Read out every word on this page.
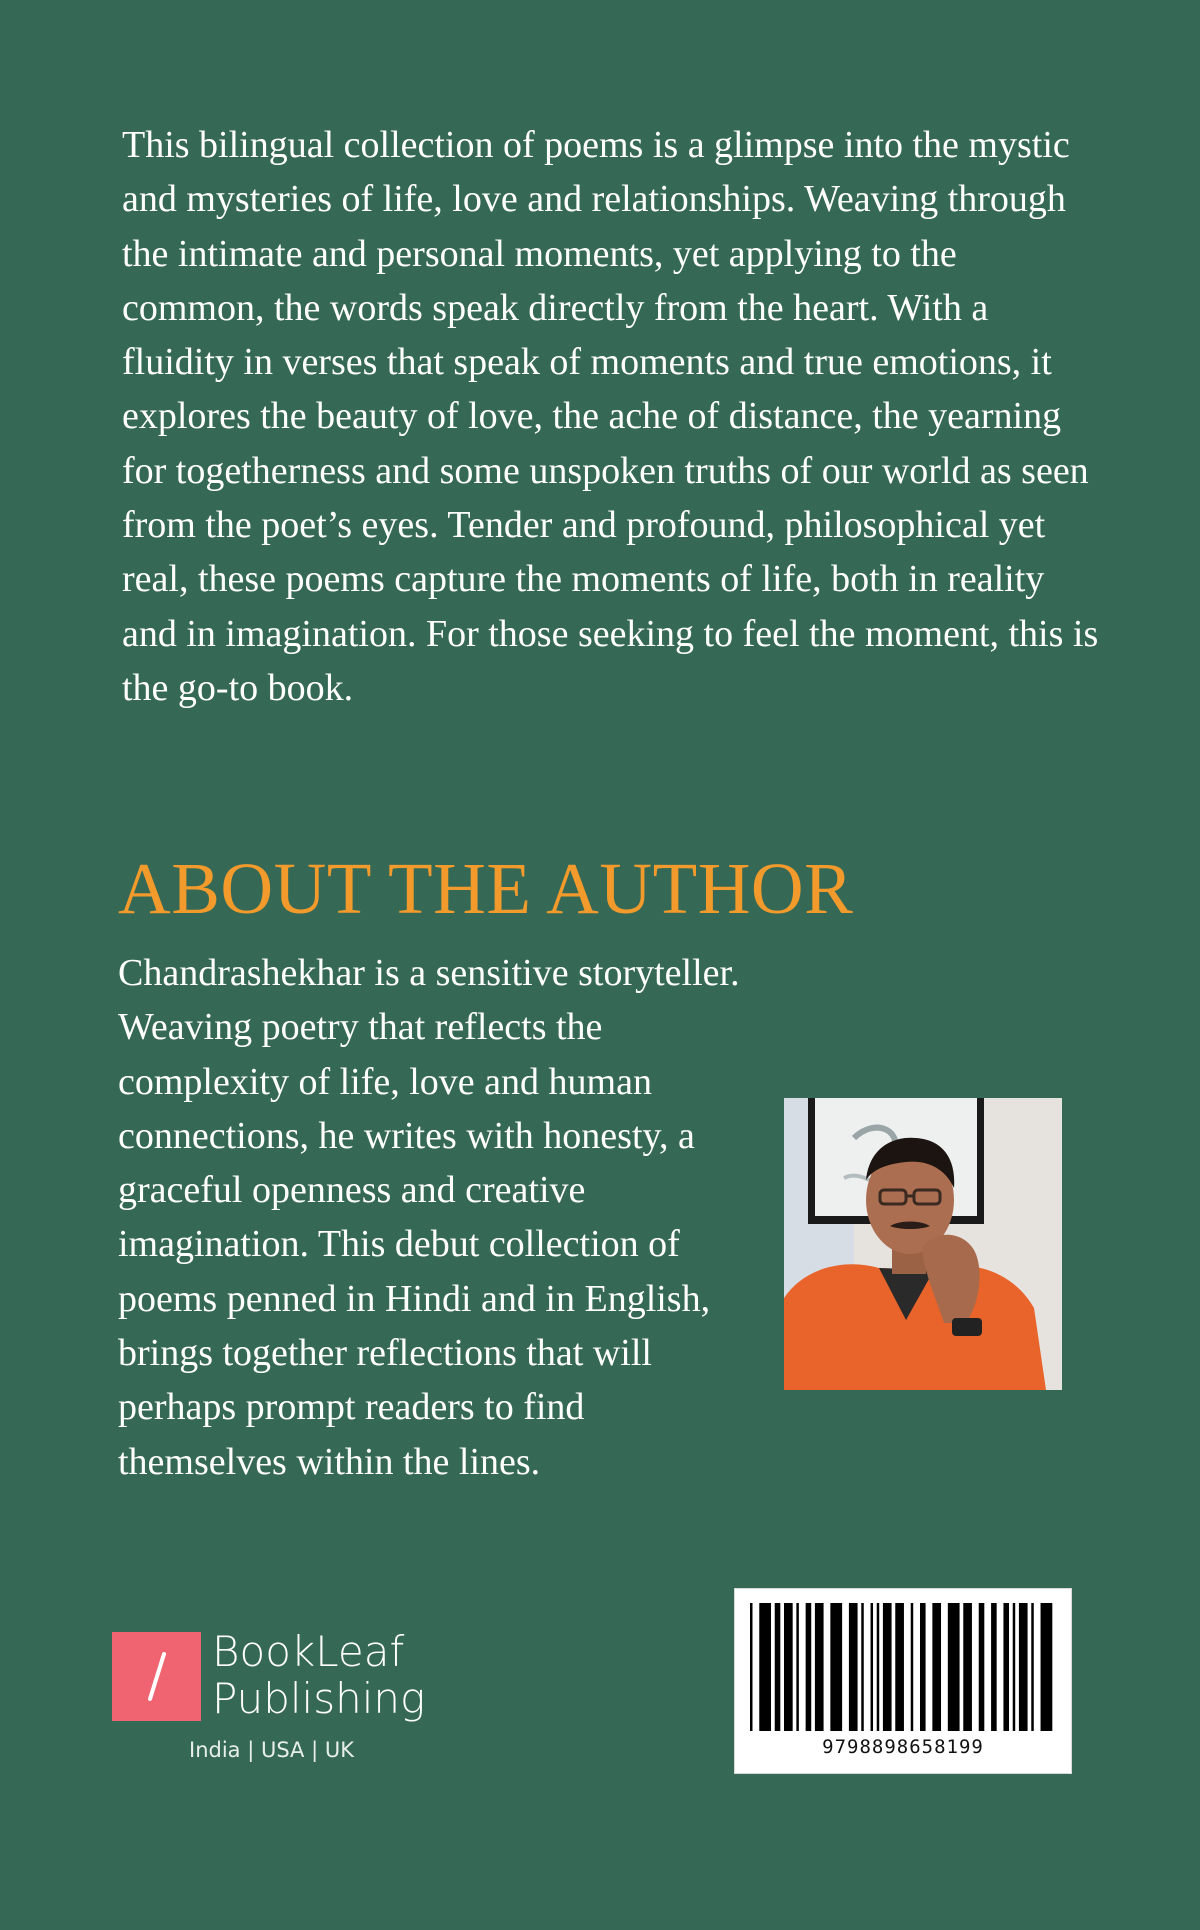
This bilingual collection of poems is a glimpse into the mystic and mysteries of life, love and relationships. Weaving through the intimate and personal moments, yet applying to the common, the words speak directly from the heart. With a fluidity in verses that speak of moments and true emotions, it explores the beauty of love, the ache of distance, the yearning for togetherness and some unspoken truths of our world as seen from the poet’s eyes. Tender and profound, philosophical yet real, these poems capture the moments of life, both in reality and in imagination. For those seeking to feel the moment, this is the go-to book.

ABOUT THE AUTHOR

Chandrashekhar is a sensitive storyteller. Weaving poetry that reflects the complexity of life, love and human connections, he writes with honesty, a graceful openness and creative imagination. This debut collection of poems penned in Hindi and in English, brings together reflections that will perhaps prompt readers to find themselves within the lines.

BookLeaf
Publishing

India | USA | UK	9798898658199
